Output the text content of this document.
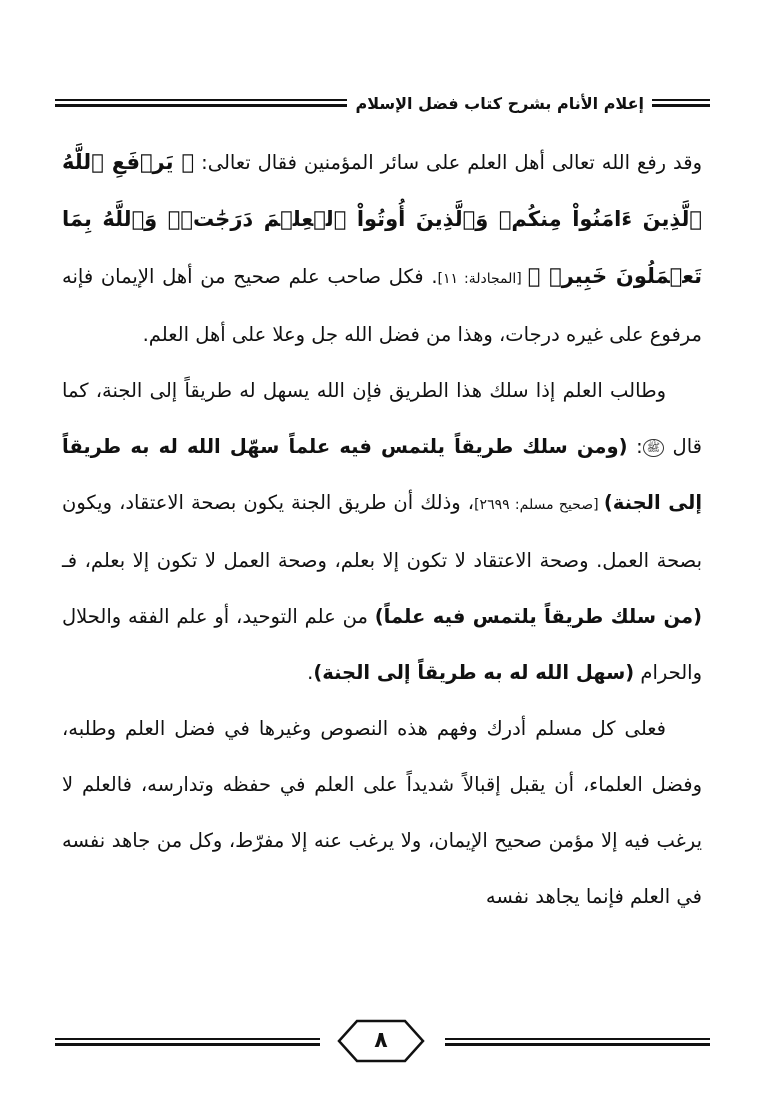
إعلام الأنام بشرح كتاب فضل الإسلام

وقد رفع الله تعالى أهل العلم على سائر المؤمنين فقال تعالى: ﴿ يَرۡفَعِ ٱللَّهُ ٱلَّذِينَ ءَامَنُواْ مِنكُمۡ وَٱلَّذِينَ أُوتُواْ ٱلۡعِلۡمَ دَرَجَٰتٖۚ وَٱللَّهُ بِمَا تَعۡمَلُونَ خَبِيرٞ ﴾ [المجادلة: ١١]. فكل صاحب علم صحيح من أهل الإيمان فإنه مرفوع على غيره درجات، وهذا من فضل الله جل وعلا على أهل العلم.

وطالب العلم إذا سلك هذا الطريق فإن الله يسهل له طريقاً إلى الجنة، كما قال ﷺ: (ومن سلك طريقاً يلتمس فيه علماً سهّل الله له به طريقاً إلى الجنة) [صحيح مسلم: ٢٦٩٩]، وذلك أن طريق الجنة يكون بصحة الاعتقاد، ويكون بصحة العمل. وصحة الاعتقاد لا تكون إلا بعلم، وصحة العمل لا تكون إلا بعلم، فـ (من سلك طريقاً يلتمس فيه علماً) من علم التوحيد، أو علم الفقه والحلال والحرام (سهل الله له به طريقاً إلى الجنة).

فعلى كل مسلم أدرك وفهم هذه النصوص وغيرها في فضل العلم وطلبه، وفضل العلماء، أن يقبل إقبالاً شديداً على العلم في حفظه وتدارسه، فالعلم لا يرغب فيه إلا مؤمن صحيح الإيمان، ولا يرغب عنه إلا مفرّط، وكل من جاهد نفسه في العلم فإنما يجاهد نفسه

٨
